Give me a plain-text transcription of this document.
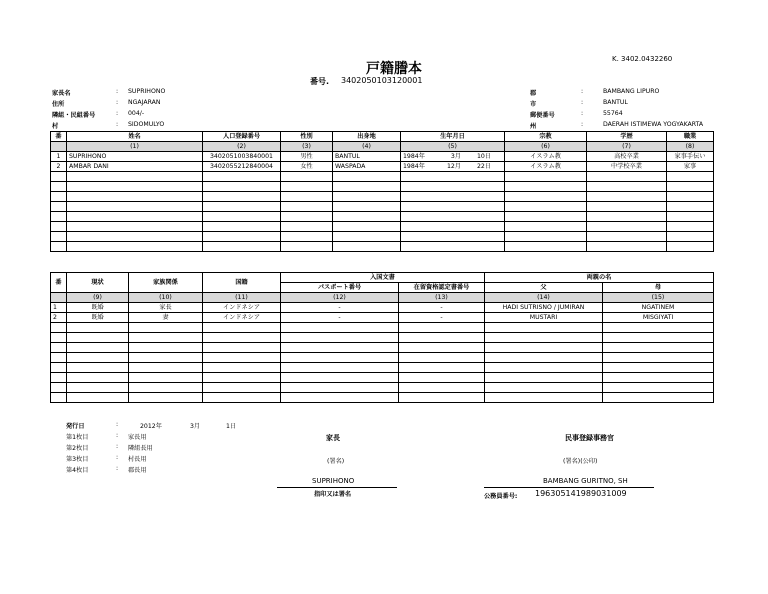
K. 3402.0432260
戸籍謄本
番号. 3402050103120001
家長名	: SUPRIHONO
住所	: NGAJARAN
隣組・民組番号	: 004/-
村	: SIDOMULYO
郡	:	BAMBANG LIPURO
市	:	BANTUL
郵便番号	:	55764
州	:	DAERAH ISTIMEWA YOGYAKARTA
番	姓名	人口登録番号	性別	出身地	生年月日	宗教	学歴	職業
	(1)	(2)	(3)	(4)	(5)	(6)	(7)	(8)
1	SUPRIHONO	3402051003840001	男性	BANTUL	1984年 3月 10日	イスラム教	高校卒業	家事手伝い
2	AMBAR DANI	3402055212840004	女性	WASPADA	1984年 12月 22日	イスラム教	中学校卒業	家事

番	現状	家族関係	国籍	入国文書		両親の名	
				パスポート番号	在留資格認定書番号	父	母
	(9)	(10)	(11)	(12)	(13)	(14)	(15)
1	既婚	家長	インドネシア	-	-	HADI SUTRISNO / JUMIRAN	NGATINEM
2	既婚	妻	インドネシア	-	-	MUSTARI	MISGIYATI

発行日	:	2012年	3月	1日
第1枚目	: 家長用
第2枚目	: 隣組長用
第3枚目	: 村長用
第4枚目	: 郡長用
家長
(署名)
SUPRIHONO
指印又は署名
民事登録事務官
(署名)(公印)
BAMBANG GURITNO, SH
公務員番号: 196305141989031009
